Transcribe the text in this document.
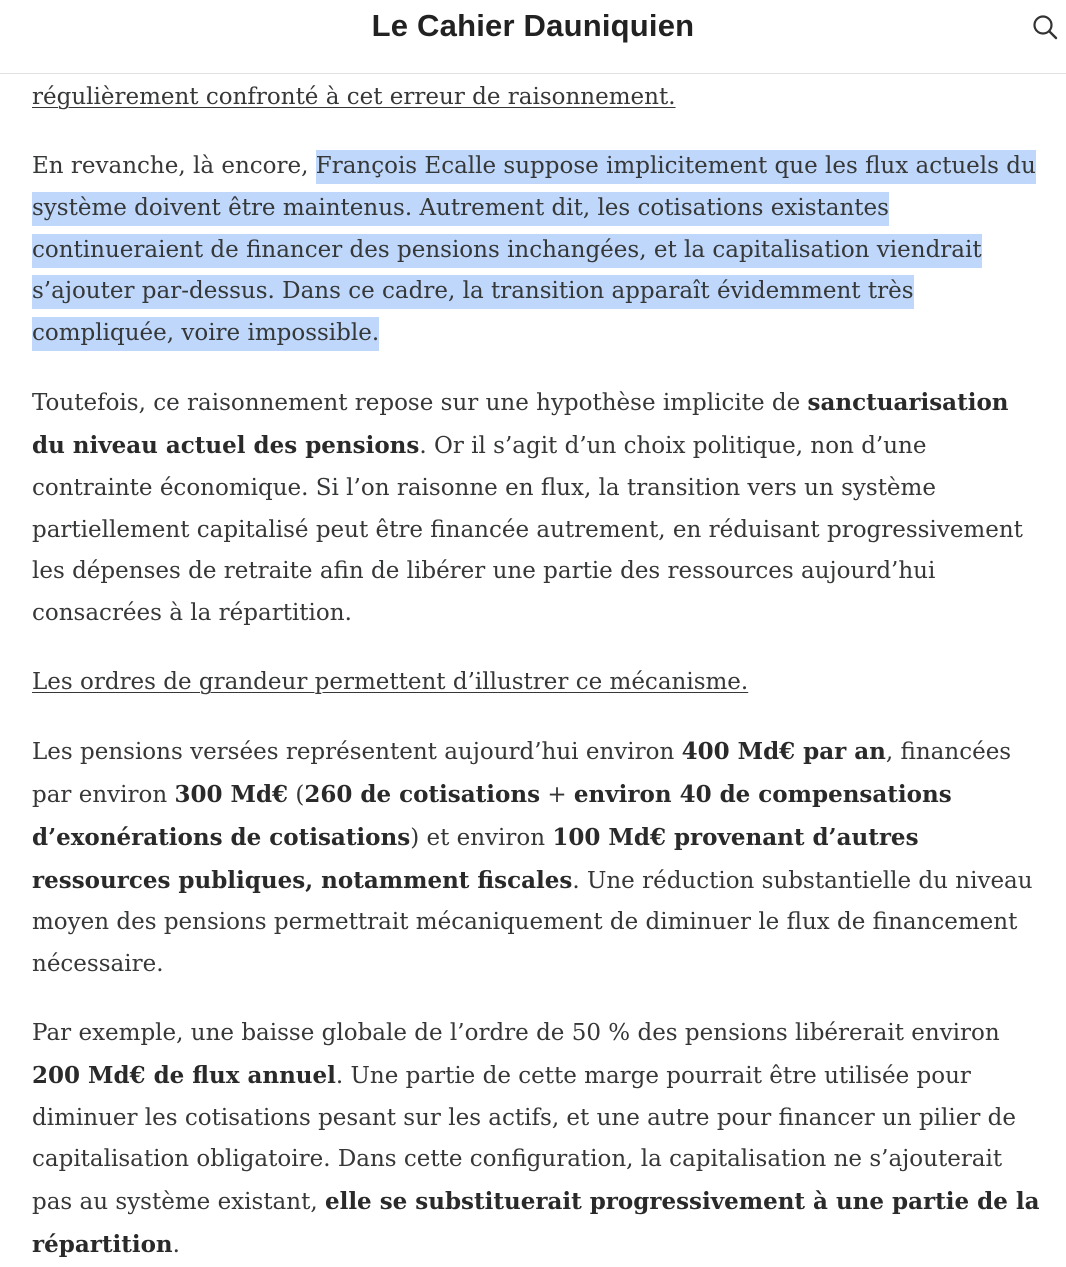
Le Cahier Dauniquien

régulièrement confronté à cet erreur de raisonnement.

En revanche, là encore, François Ecalle suppose implicitement que les flux actuels du système doivent être maintenus. Autrement dit, les cotisations existantes continueraient de financer des pensions inchangées, et la capitalisation viendrait s’ajouter par-dessus. Dans ce cadre, la transition apparaît évidemment très compliquée, voire impossible.

Toutefois, ce raisonnement repose sur une hypothèse implicite de sanctuarisation du niveau actuel des pensions. Or il s’agit d’un choix politique, non d’une contrainte économique. Si l’on raisonne en flux, la transition vers un système partiellement capitalisé peut être financée autrement, en réduisant progressivement les dépenses de retraite afin de libérer une partie des ressources aujourd’hui consacrées à la répartition.

Les ordres de grandeur permettent d’illustrer ce mécanisme.

Les pensions versées représentent aujourd’hui environ 400 Md€ par an, financées par environ 300 Md€ (260 de cotisations + environ 40 de compensations d’exonérations de cotisations) et environ 100 Md€ provenant d’autres ressources publiques, notamment fiscales. Une réduction substantielle du niveau moyen des pensions permettrait mécaniquement de diminuer le flux de financement nécessaire.

Par exemple, une baisse globale de l’ordre de 50 % des pensions libérerait environ 200 Md€ de flux annuel. Une partie de cette marge pourrait être utilisée pour diminuer les cotisations pesant sur les actifs, et une autre pour financer un pilier de capitalisation obligatoire. Dans cette configuration, la capitalisation ne s’ajouterait pas au système existant, elle se substituerait progressivement à une partie de la répartition.
